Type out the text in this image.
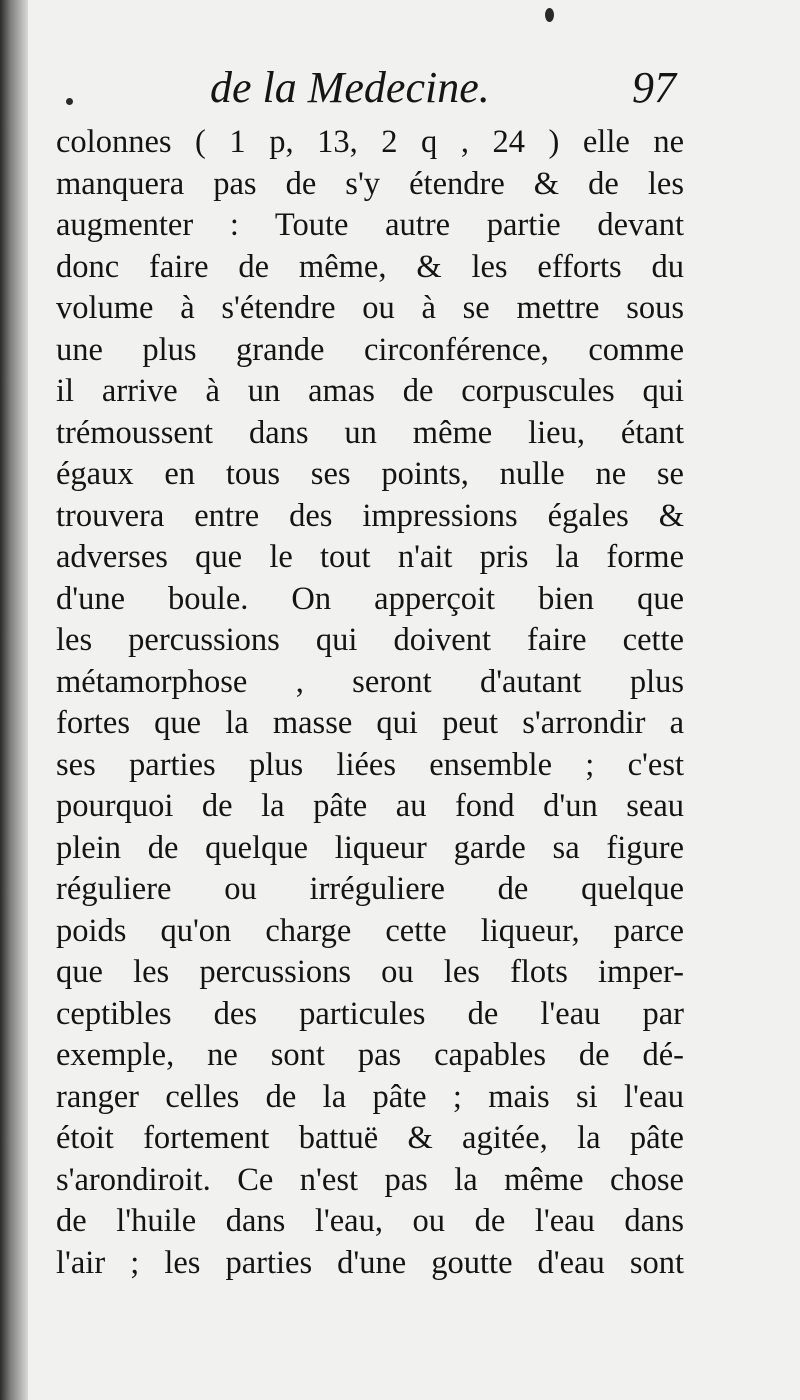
de la Medecine.	97
colonnes ( 1 p, 13, 2 q , 24 ) elle ne
manquera pas de s'y étendre & de les
augmenter : Toute autre partie devant
donc faire de même, & les efforts du
volume à s'étendre ou à se mettre sous
une plus grande circonférence, comme
il arrive à un amas de corpuscules qui
trémoussent dans un même lieu, étant
égaux en tous ses points, nulle ne se
trouvera entre des impressions égales &
adverses que le tout n'ait pris la forme
d'une boule. On apperçoit bien que
les percussions qui doivent faire cette
métamorphose , seront d'autant plus
fortes que la masse qui peut s'arrondir a
ses parties plus liées ensemble ; c'est
pourquoi de la pâte au fond d'un seau
plein de quelque liqueur garde sa figure
réguliere ou irréguliere de quelque
poids qu'on charge cette liqueur, parce
que les percussions ou les flots imper-
ceptibles des particules de l'eau par
exemple, ne sont pas capables de dé-
ranger celles de la pâte ; mais si l'eau
étoit fortement battuë & agitée, la pâte
s'arondiroit. Ce n'est pas la même chose
de l'huile dans l'eau, ou de l'eau dans
l'air ; les parties d'une goutte d'eau sont
